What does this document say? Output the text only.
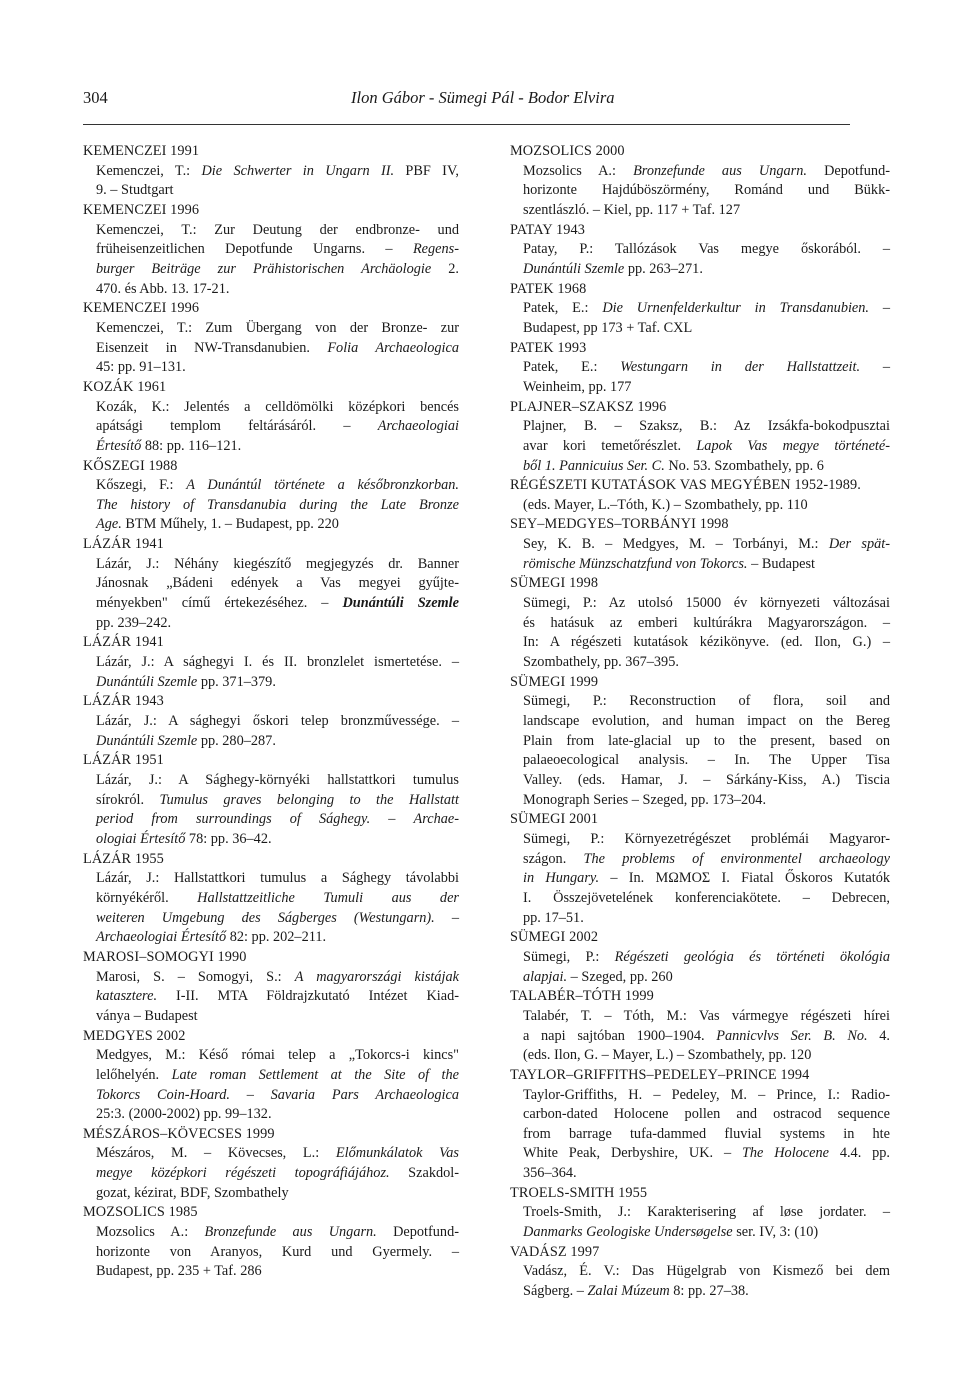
304	Ilon Gábor - Sümegi Pál - Bodor Elvira

KEMENCZEI 1991

Kemenczei, T.: Die Schwerter in Ungarn II. PBF IV,
9. – Studtgart

KEMENCZEI 1996

Kemenczei, T.: Zur Deutung der endbronze- und
früheisenzeitlichen Depotfunde Ungarns. – Regens-
burger Beiträge zur Prähistorischen Archäologie 2.
470. és Abb. 13. 17-21.

KEMENCZEI 1996

Kemenczei, T.: Zum Übergang von der Bronze- zur
Eisenzeit in NW-Transdanubien. Folia Archaeologica
45: pp. 91–131.

KOZÁK 1961

Kozák, K.: Jelentés a celldömölki középkori bencés
apátsági templom feltárásáról. – Archaeologiai
Értesítő 88: pp. 116–121.

KŐSZEGI 1988

Kőszegi, F.: A Dunántúl története a későbronzkorban.
The history of Transdanubia during the Late Bronze
Age. BTM Műhely, 1. – Budapest, pp. 220

LÁZÁR 1941

Lázár, J.: Néhány kiegészítő megjegyzés dr. Banner
Jánosnak „Bádeni edények a Vas megyei gyűjte-
ményekben" című értekezéséhez. – Dunántúli Szemle
pp. 239–242.

LÁZÁR 1941

Lázár, J.: A sághegyi I. és II. bronzlelet ismertetése. –
Dunántúli Szemle pp. 371–379.

LÁZÁR 1943

Lázár, J.: A sághegyi őskori telep bronzművessége. –
Dunántúli Szemle pp. 280–287.

LÁZÁR 1951

Lázár, J.: A Sághegy-környéki hallstattkori tumulus
sírokról. Tumulus graves belonging to the Hallstatt
period from surroundings of Sághegy. – Archae-
ologiai Értesítő 78: pp. 36–42.

LÁZÁR 1955

Lázár, J.: Hallstattkori tumulus a Sághegy távolabbi
környékéről. Hallstattzeitliche Tumuli aus der
weiteren Umgebung des Ságberges (Westungarn). –
Archaeologiai Értesítő 82: pp. 202–211.

MAROSI–SOMOGYI 1990

Marosi, S. – Somogyi, S.: A magyarországi kistájak
katasztere. I-II. MTA Földrajzkutató Intézet Kiad-
ványa – Budapest

MEDGYES 2002

Medgyes, M.: Késő római telep a „Tokorcs-i kincs"
lelőhelyén. Late roman Settlement at the Site of the
Tokorcs Coin-Hoard. – Savaria Pars Archaeologica
25:3. (2000-2002) pp. 99–132.

MÉSZÁROS–KÖVECSES 1999

Mészáros, M. – Kövecses, L.: Előmunkálatok Vas
megye középkori régészeti topográfiájához. Szakdol-
gozat, kézirat, BDF, Szombathely

MOZSOLICS 1985

Mozsolics A.: Bronzefunde aus Ungarn. Depotfund-
horizonte von Aranyos, Kurd und Gyermely. –
Budapest, pp. 235 + Taf. 286

MOZSOLICS 2000

Mozsolics A.: Bronzefunde aus Ungarn. Depotfund-
horizonte Hajdúböszörmény, Románd und Bükk-
szentlászló. – Kiel, pp. 117 + Taf. 127

PATAY 1943

Patay, P.: Tallózások Vas megye őskorából. –
Dunántúli Szemle pp. 263–271.

PATEK 1968

Patek, E.: Die Urnenfelderkultur in Transdanubien. –
Budapest, pp 173 + Taf. CXL

PATEK 1993

Patek, E.: Westungarn in der Hallstattzeit. –
Weinheim, pp. 177

PLAJNER–SZAKSZ 1996

Plajner, B. – Szaksz, B.: Az Izsákfa-bokodpusztai
avar kori temetőrészlet. Lapok Vas megye történeté-
ből 1. Pannicuius Ser. C. No. 53. Szombathely, pp. 6

RÉGÉSZETI KUTATÁSOK VAS MEGYÉBEN 1952-1989.

(eds. Mayer, L.–Tóth, K.) – Szombathely, pp. 110

SEY–MEDGYES–TORBÁNYI 1998

Sey, K. B. – Medgyes, M. – Torbányi, M.: Der spät-
römische Münzschatzfund von Tokorcs. – Budapest

SÜMEGI 1998

Sümegi, P.: Az utolsó 15000 év környezeti változásai
és hatásuk az emberi kultúrákra Magyarországon. –
In: A régészeti kutatások kézikönyve. (ed. Ilon, G.) –
Szombathely, pp. 367–395.

SÜMEGI 1999

Sümegi, P.: Reconstruction of flora, soil and
landscape evolution, and human impact on the Bereg
Plain from late-glacial up to the present, based on
palaeoecological analysis. – In. The Upper Tisa
Valley. (eds. Hamar, J. – Sárkány-Kiss, A.) Tiscia
Monograph Series – Szeged, pp. 173–204.

SÜMEGI 2001

Sümegi, P.: Környezetrégészet problémái Magyaror-
szágon. The problems of environmentel archaeology
in Hungary. – In. ΜΩΜΟΣ I. Fiatal Őskoros Kutatók
I. Összejövetelének konferenciakötete. – Debrecen,
pp. 17–51.

SÜMEGI 2002

Sümegi, P.: Régészeti geológia és történeti ökológia
alapjai. – Szeged, pp. 260

TALABÉR–TÓTH 1999

Talabér, T. – Tóth, M.: Vas vármegye régészeti hírei
a napi sajtóban 1900–1904. Pannicvlvs Ser. B. No. 4.
(eds. Ilon, G. – Mayer, L.) – Szombathely, pp. 120

TAYLOR–GRIFFITHS–PEDELEY–PRINCE 1994

Taylor-Griffiths, H. – Pedeley, M. – Prince, I.: Radio-
carbon-dated Holocene pollen and ostracod sequence
from barrage tufa-dammed fluvial systems in hte
White Peak, Derbyshire, UK. – The Holocene 4.4. pp.
356–364.

TROELS-SMITH 1955

Troels-Smith, J.: Karakterisering af løse jordater. –
Danmarks Geologiske Undersøgelse ser. IV, 3: (10)

VADÁSZ 1997

Vadász, É. V.: Das Hügelgrab von Kismező bei dem
Ságberg. – Zalai Múzeum 8: pp. 27–38.
